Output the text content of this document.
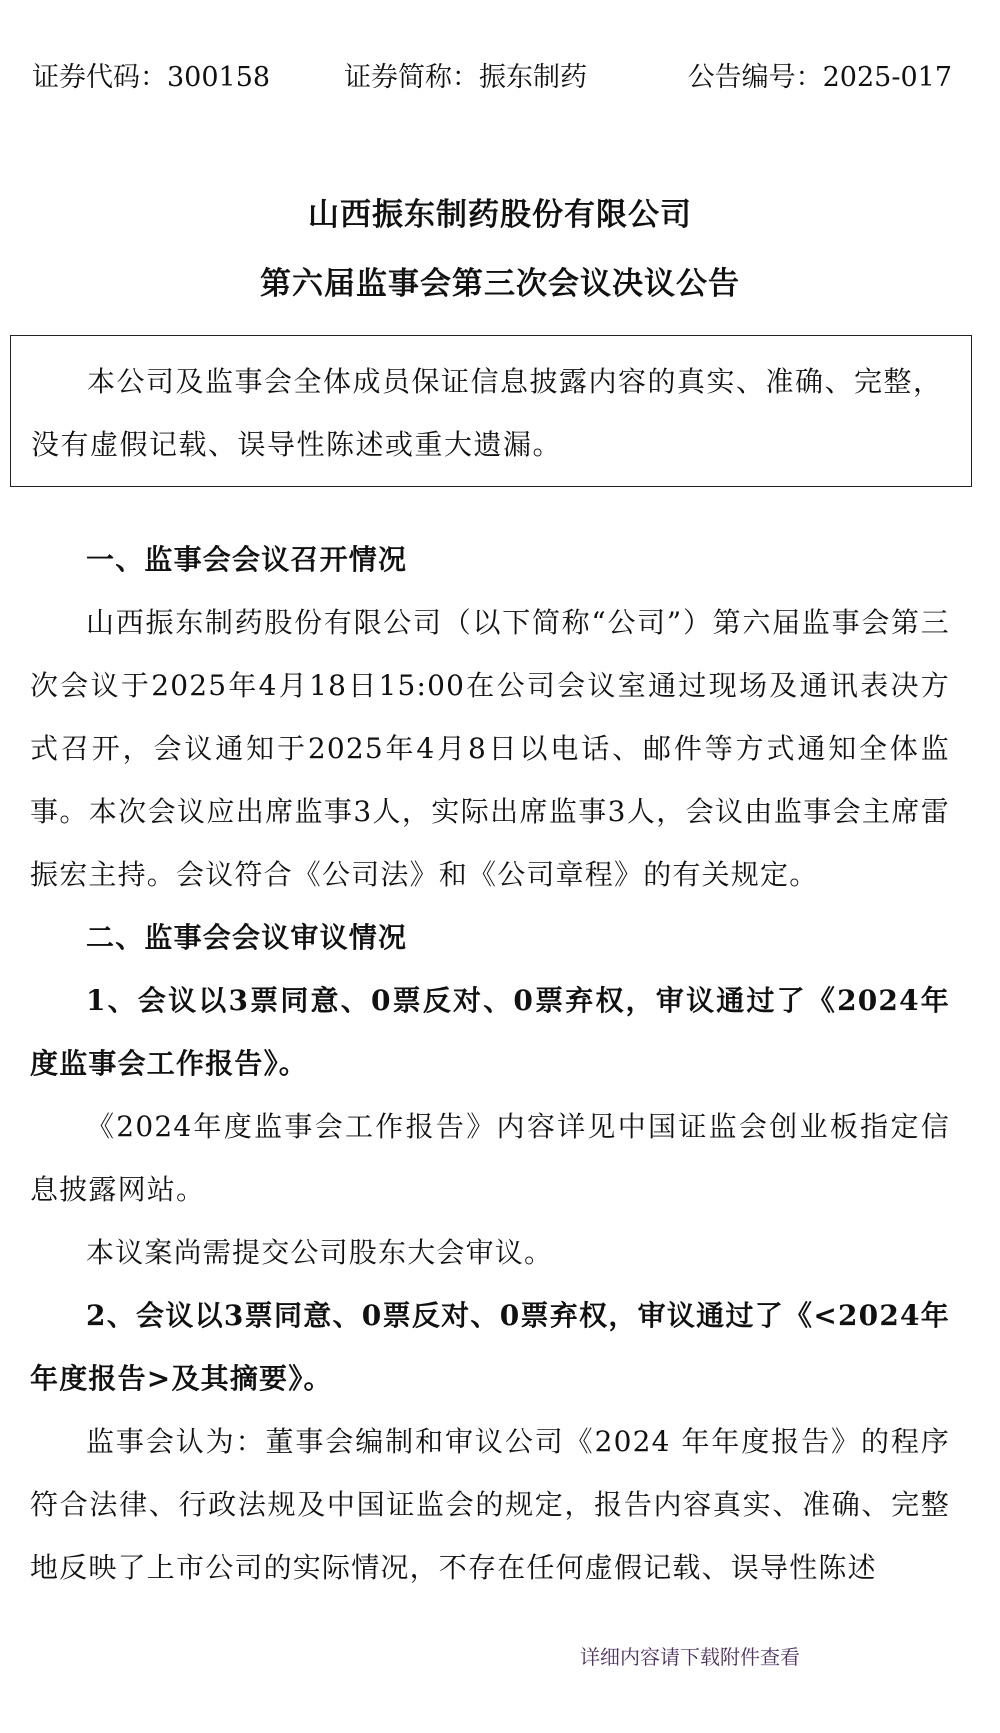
证券代码：300158	证券简称：振东制药	公告编号：2025-017
山西振东制药股份有限公司
第六届监事会第三次会议决议公告
本公司及监事会全体成员保证信息披露内容的真实、准确、完整，没有虚假记载、误导性陈述或重大遗漏。

一、监事会会议召开情况

山西振东制药股份有限公司（以下简称“公司”）第六届监事会第三次会议于2025年4月18日15:00在公司会议室通过现场及通讯表决方式召开，会议通知于2025年4月8日以电话、邮件等方式通知全体监事。本次会议应出席监事3人，实际出席监事3人，会议由监事会主席雷振宏主持。会议符合《公司法》和《公司章程》的有关规定。

二、监事会会议审议情况

1、会议以3票同意、0票反对、0票弃权，审议通过了《2024年度监事会工作报告》。

《2024年度监事会工作报告》内容详见中国证监会创业板指定信息披露网站。

本议案尚需提交公司股东大会审议。

2、会议以3票同意、0票反对、0票弃权，审议通过了《<2024年年度报告>及其摘要》。

监事会认为：董事会编制和审议公司《2024 年年度报告》的程序符合法律、行政法规及中国证监会的规定，报告内容真实、准确、完整地反映了上市公司的实际情况，不存在任何虚假记载、误导性陈述

详细内容请下载附件查看
